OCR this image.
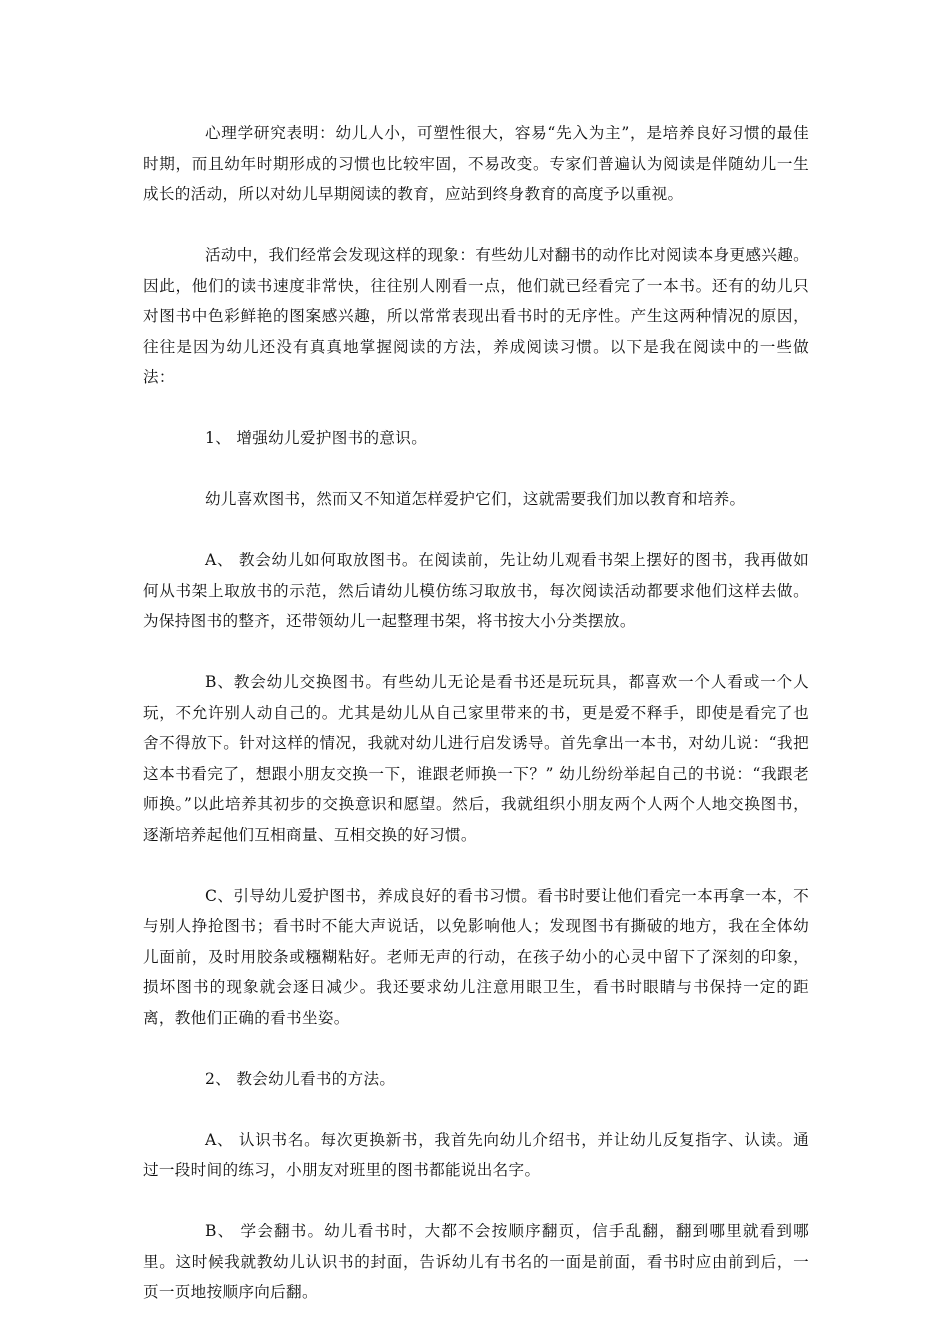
心理学研究表明：幼儿人小，可塑性很大，容易“先入为主”，是培养良好习惯的最佳时期，而且幼年时期形成的习惯也比较牢固，不易改变。专家们普遍认为阅读是伴随幼儿一生成长的活动，所以对幼儿早期阅读的教育，应站到终身教育的高度予以重视。

活动中，我们经常会发现这样的现象：有些幼儿对翻书的动作比对阅读本身更感兴趣。因此，他们的读书速度非常快，往往别人刚看一点，他们就已经看完了一本书。还有的幼儿只对图书中色彩鲜艳的图案感兴趣，所以常常表现出看书时的无序性。产生这两种情况的原因，往往是因为幼儿还没有真真地掌握阅读的方法，养成阅读习惯。以下是我在阅读中的一些做法：

1、 增强幼儿爱护图书的意识。

幼儿喜欢图书，然而又不知道怎样爱护它们，这就需要我们加以教育和培养。

A、 教会幼儿如何取放图书。在阅读前，先让幼儿观看书架上摆好的图书，我再做如何从书架上取放书的示范，然后请幼儿模仿练习取放书，每次阅读活动都要求他们这样去做。为保持图书的整齐，还带领幼儿一起整理书架，将书按大小分类摆放。

B、教会幼儿交换图书。有些幼儿无论是看书还是玩玩具，都喜欢一个人看或一个人玩，不允许别人动自己的。尤其是幼儿从自己家里带来的书，更是爱不释手，即使是看完了也舍不得放下。针对这样的情况，我就对幼儿进行启发诱导。首先拿出一本书，对幼儿说：“我把这本书看完了，想跟小朋友交换一下，谁跟老师换一下？” 幼儿纷纷举起自己的书说：“我跟老师换。”以此培养其初步的交换意识和愿望。然后，我就组织小朋友两个人两个人地交换图书，逐渐培养起他们互相商量、互相交换的好习惯。

C、引导幼儿爱护图书，养成良好的看书习惯。看书时要让他们看完一本再拿一本，不与别人挣抢图书；看书时不能大声说话，以免影响他人；发现图书有撕破的地方，我在全体幼儿面前，及时用胶条或糨糊粘好。老师无声的行动，在孩子幼小的心灵中留下了深刻的印象，损坏图书的现象就会逐日减少。我还要求幼儿注意用眼卫生，看书时眼睛与书保持一定的距离，教他们正确的看书坐姿。

2、 教会幼儿看书的方法。

A、 认识书名。每次更换新书，我首先向幼儿介绍书，并让幼儿反复指字、认读。通过一段时间的练习，小朋友对班里的图书都能说出名字。

B、 学会翻书。幼儿看书时，大都不会按顺序翻页，信手乱翻，翻到哪里就看到哪里。这时候我就教幼儿认识书的封面，告诉幼儿有书名的一面是前面，看书时应由前到后，一页一页地按顺序向后翻。
